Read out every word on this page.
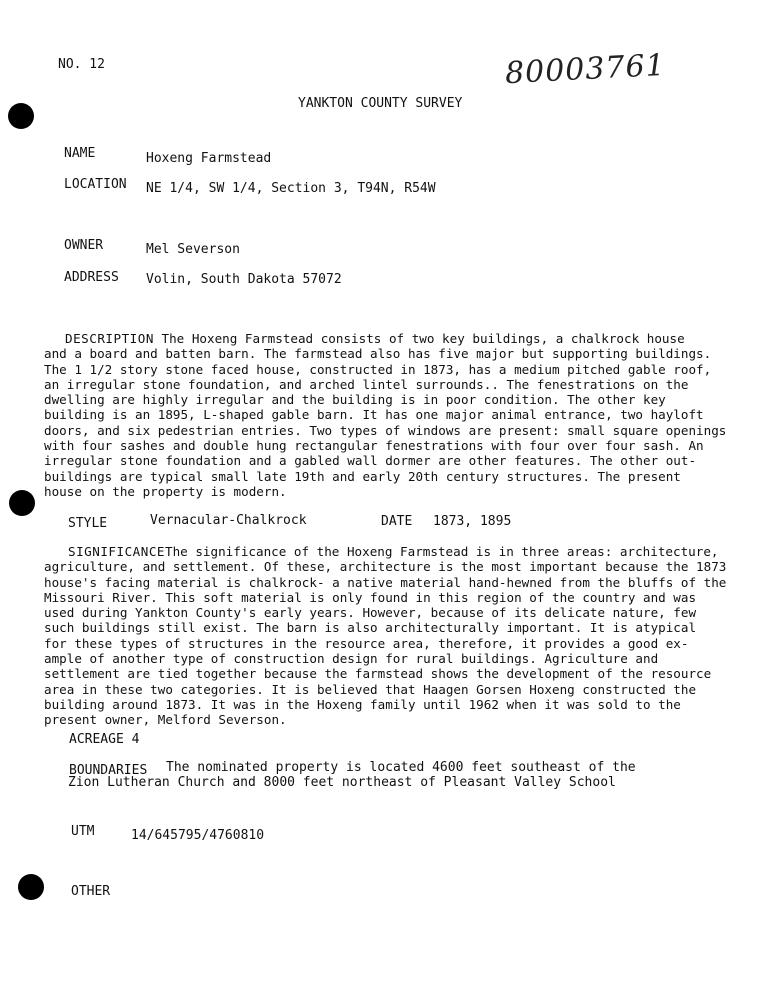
NO. 12	80003761
YANKTON COUNTY SURVEY
NAME	Hoxeng Farmstead
LOCATION NE 1/4, SW 1/4, Section 3, T94N, R54W
OWNER	Mel Severson
ADDRESS Volin, South Dakota 57072
DESCRIPTION The Hoxeng Farmstead consists of two key buildings, a chalkrock house
and a board and batten barn. The farmstead also has five major but supporting buildings.
The 1 1/2 story stone faced house, constructed in 1873, has a medium pitched gable roof,
an irregular stone foundation, and arched lintel surrounds.. The fenestrations on the
dwelling are highly irregular and the building is in poor condition. The other key
building is an 1895, L-shaped gable barn. It has one major animal entrance, two hayloft
doors, and six pedestrian entries. Two types of windows are present: small square openings
with four sashes and double hung rectangular fenestrations with four over four sash. An
irregular stone foundation and a gabled wall dormer are other features. The other out-
buildings are typical small late 19th and early 20th century structures. The present
house on the property is modern.
STYLE	Vernacular-Chalkrock	DATE 1873, 1895
SIGNIFICANCEThe significance of the Hoxeng Farmstead is in three areas: architecture,
agriculture, and settlement. Of these, architecture is the most important because the 1873
house's facing material is chalkrock- a native material hand-hewned from the bluffs of the
Missouri River. This soft material is only found in this region of the country and was
used during Yankton County's early years. However, because of its delicate nature, few
such buildings still exist. The barn is also architecturally important. It is atypical
for these types of structures in the resource area, therefore, it provides a good ex-
ample of another type of construction design for rural buildings. Agriculture and
settlement are tied together because the farmstead shows the development of the resource
area in these two categories. It is believed that Haagen Gorsen Hoxeng constructed the
building around 1873. It was in the Hoxeng family until 1962 when it was sold to the
present owner, Melford Severson.
ACREAGE 4
BOUNDARIES The nominated property is located 4600 feet southeast of the
Zion Lutheran Church and 8000 feet northeast of Pleasant Valley School
UTM	14/645795/4760810
OTHER
